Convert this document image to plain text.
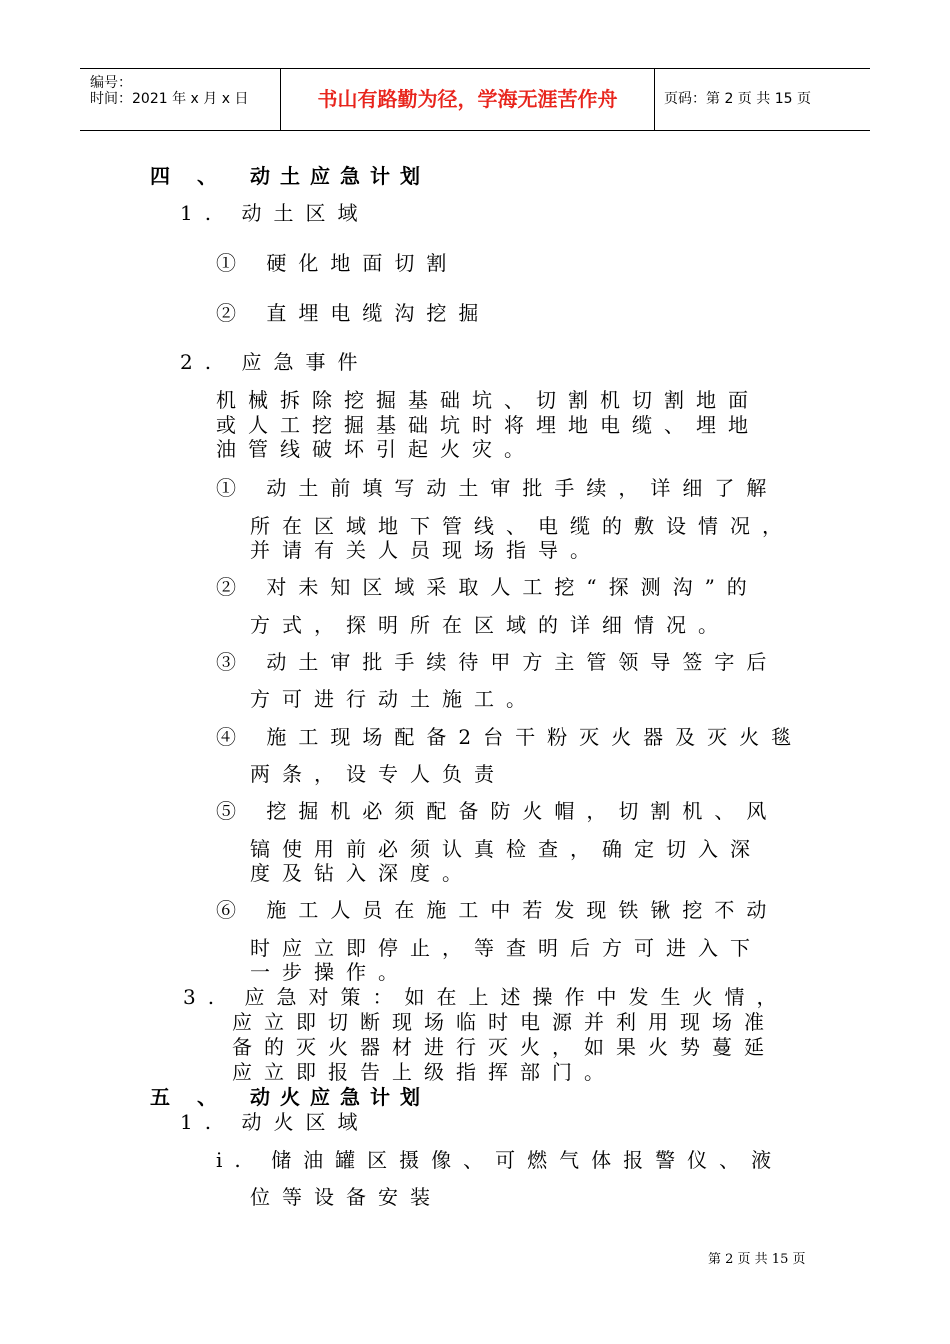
编号：
时间：2021 年 x 月 x 日	书山有路勤为径，学海无涯苦作舟	页码：第 2 页 共 15 页
四 、 动土应急计划
1. 动土区域
① 硬化地面切割
② 直埋电缆沟挖掘
2. 应急事件
机械拆除挖掘基础坑、切割机切割地面
或人工挖掘基础坑时将埋地电缆、埋地
油管线破坏引起火灾。
① 动土前填写动土审批手续，详细了解
所在区域地下管线、电缆的敷设情况，
并请有关人员现场指导。
② 对未知区域采取人工挖“探测沟”的
方式，探明所在区域的详细情况。
③ 动土审批手续待甲方主管领导签字后
方可进行动土施工。
④ 施工现场配备2台干粉灭火器及灭火毯
两条，设专人负责
⑤ 挖掘机必须配备防火帽，切割机、风
镐使用前必须认真检查，确定切入深
度及钻入深度。
⑥ 施工人员在施工中若发现铁锹挖不动
时应立即停止，等查明后方可进入下
一步操作。
3. 应急对策：如在上述操作中发生火情，
应立即切断现场临时电源并利用现场准
备的灭火器材进行灭火，如果火势蔓延
应立即报告上级指挥部门。
五 、 动火应急计划
1. 动火区域
i. 储油罐区摄像、可燃气体报警仪、液
位等设备安装
第 2 页 共 15 页
